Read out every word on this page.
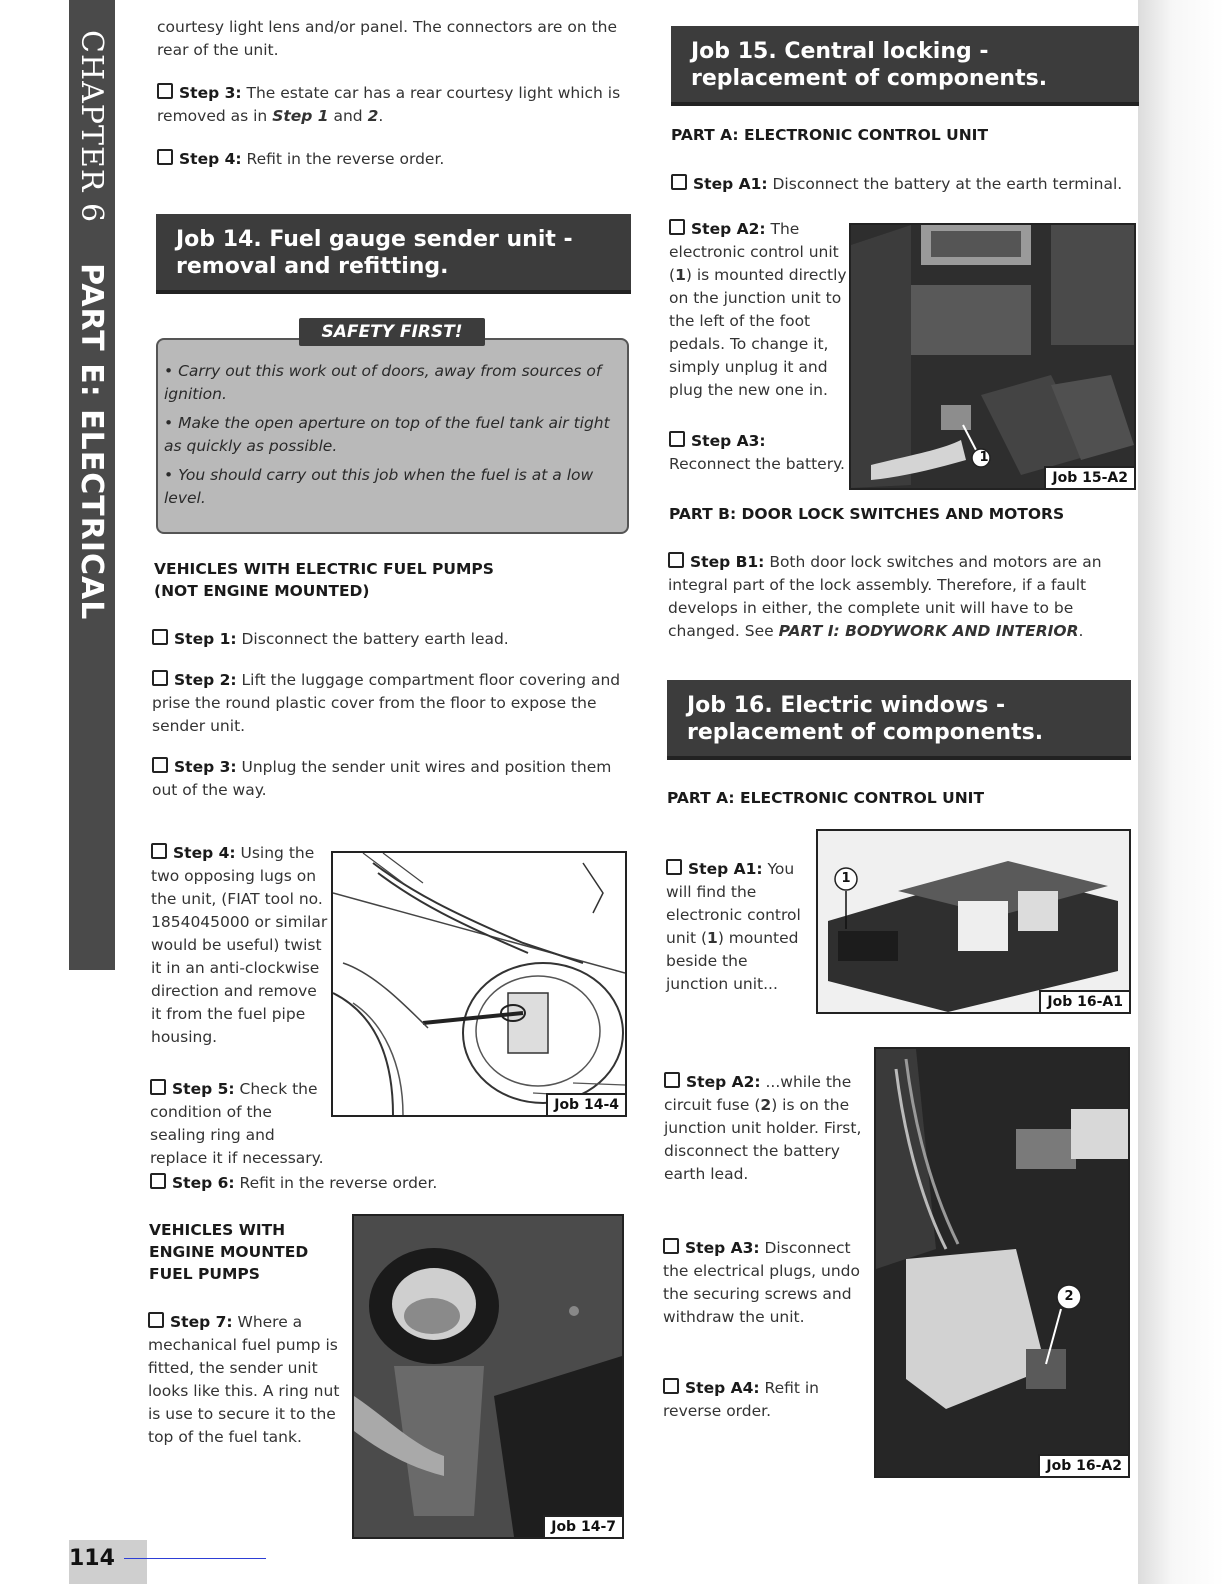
CHAPTER 6
PART E: ELECTRICAL

courtesy light lens and/or panel. The connectors are on the rear of the unit.

Step 3: The estate car has a rear courtesy light which is removed as in Step 1 and 2.
Step 4: Refit in the reverse order.
Job 14. Fuel gauge sender unit - removal and refitting.

• Carry out this work out of doors, away from sources of ignition.

• Make the open aperture on top of the fuel tank air tight as quickly as possible.

• You should carry out this job when the fuel is at a low level.

SAFETY FIRST!
VEHICLES WITH ELECTRIC FUEL PUMPS (NOT ENGINE MOUNTED)
Step 1: Disconnect the battery earth lead.
Step 2: Lift the luggage compartment floor covering and prise the round plastic cover from the floor to expose the sender unit.
Step 3: Unplug the sender unit wires and position them out of the way.
Step 4: Using the two opposing lugs on the unit, (FIAT tool no. 1854045000 or similar would be useful) twist it in an anti-clockwise direction and remove it from the fuel pipe housing.
Job 14-4
Step 5: Check the condition of the sealing ring and replace it if necessary.
Step 6: Refit in the reverse order.
VEHICLES WITH ENGINE MOUNTED FUEL PUMPS
Step 7: Where a mechanical fuel pump is fitted, the sender unit looks like this. A ring nut is use to secure it to the top of the fuel tank.
Job 14-7
Job 15. Central locking - replacement of components.
PART A: ELECTRONIC CONTROL UNIT
Step A1: Disconnect the battery at the earth terminal.
Step A2: The electronic control unit (1) is mounted directly on the junction unit to the left of the foot pedals. To change it, simply unplug it and plug the new one in.
Step A3:
Reconnect the battery.	1
Job 15-A2
PART B: DOOR LOCK SWITCHES AND MOTORS
Step B1: Both door lock switches and motors are an integral part of the lock assembly. Therefore, if a fault develops in either, the complete unit will have to be changed. See PART I: BODYWORK AND INTERIOR.
Job 16. Electric windows - replacement of components.
PART A: ELECTRONIC CONTROL UNIT
Step A1: You will find the electronic control unit (1) mounted beside the junction unit...
1
Job 16-A1
Step A2: ...while the circuit fuse (2) is on the junction unit holder. First, disconnect the battery earth lead.
Step A3: Disconnect the electrical plugs, undo the securing screws and withdraw the unit.
Step A4: Refit in reverse order.
2
Job 16-A2
114
